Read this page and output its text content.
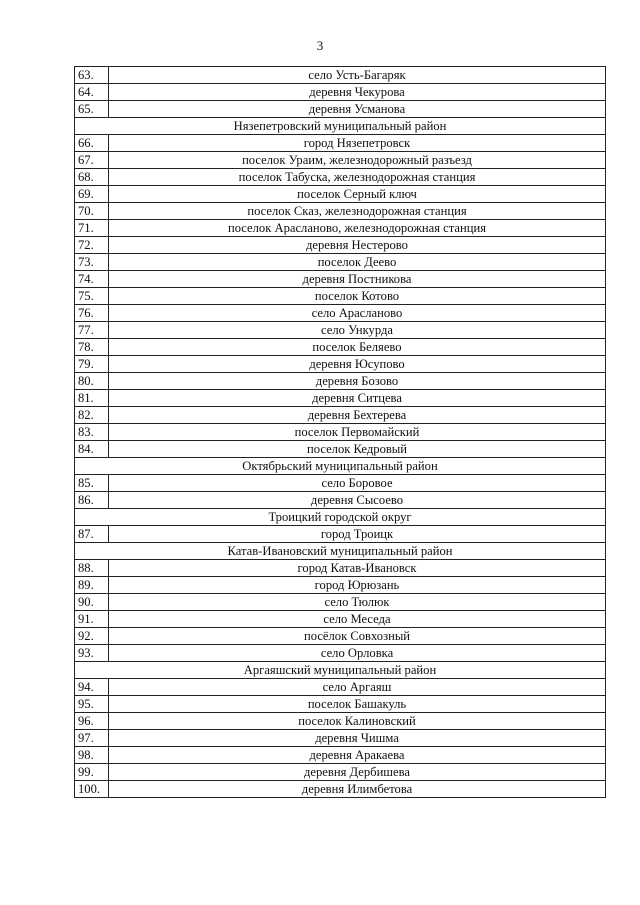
3
63.	село Усть-Багаряк
64.	деревня Чекурова
65.	деревня Усманова
Нязепетровский муниципальный район	
66.	город Нязепетровск
67.	поселок Ураим, железнодорожный разъезд
68.	поселок Табуска, железнодорожная станция
69.	поселок Серный ключ
70.	поселок Сказ, железнодорожная станция
71.	поселок Арасланово, железнодорожная станция
72.	деревня Нестерово
73.	поселок Деево
74.	деревня Постникова
75.	поселок Котово
76.	село Арасланово
77.	село Ункурда
78.	поселок Беляево
79.	деревня Юсупово
80.	деревня Бозово
81.	деревня Ситцева
82.	деревня Бехтерева
83.	поселок Первомайский
84.	поселок Кедровый
Октябрьский муниципальный район	
85.	село Боровое
86.	деревня Сысоево
Троицкий городской округ	
87.	город Троицк
Катав-Ивановский муниципальный район	
88.	город Катав-Ивановск
89.	город Юрюзань
90.	село Тюлюк
91.	село Меседа
92.	посёлок Совхозный
93.	село Орловка
Аргаяшский муниципальный район	
94.	село Аргаяш
95.	поселок Башакуль
96.	поселок Калиновский
97.	деревня Чишма
98.	деревня Аракаева
99.	деревня Дербишева
100.	деревня Илимбетова
